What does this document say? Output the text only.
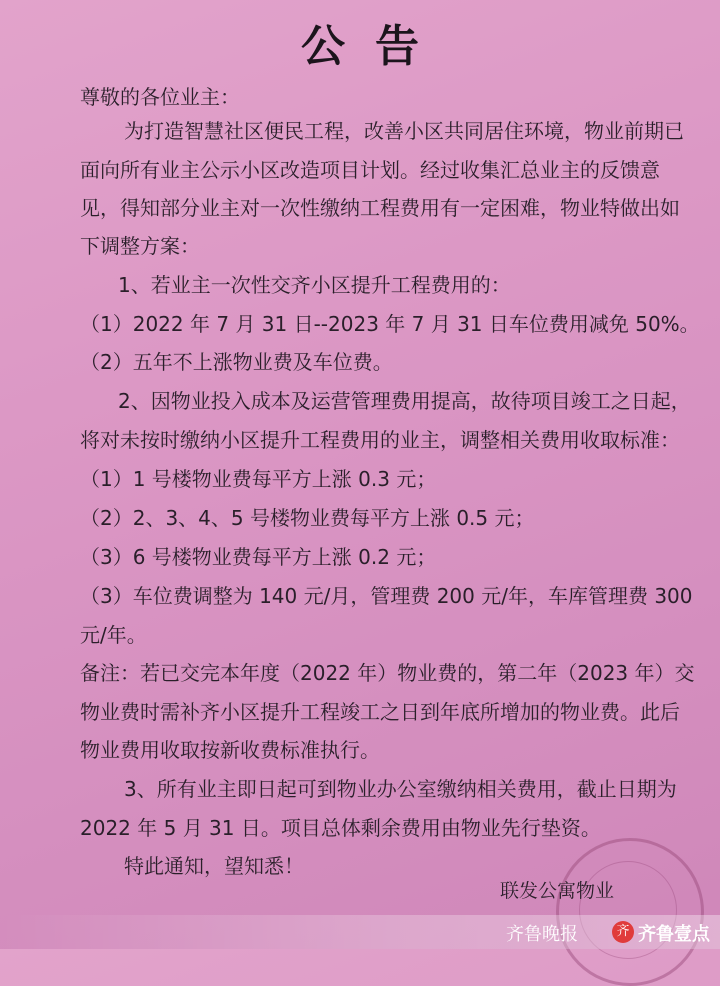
公告
尊敬的各位业主：
为打造智慧社区便民工程，改善小区共同居住环境，物业前期已
面向所有业主公示小区改造项目计划。经过收集汇总业主的反馈意
见，得知部分业主对一次性缴纳工程费用有一定困难，物业特做出如
下调整方案：
1、若业主一次性交齐小区提升工程费用的：
（1）2022 年 7 月 31 日--2023 年 7 月 31 日车位费用减免 50%。
（2）五年不上涨物业费及车位费。
2、因物业投入成本及运营管理费用提高，故待项目竣工之日起，
将对未按时缴纳小区提升工程费用的业主，调整相关费用收取标准：
（1）1 号楼物业费每平方上涨 0.3 元；
（2）2、3、4、5 号楼物业费每平方上涨 0.5 元；
（3）6 号楼物业费每平方上涨 0.2 元；
（3）车位费调整为 140 元/月，管理费 200 元/年，车库管理费 300
元/年。
备注：若已交完本年度（2022 年）物业费的，第二年（2023 年）交
物业费时需补齐小区提升工程竣工之日到年底所增加的物业费。此后
物业费用收取按新收费标准执行。
3、所有业主即日起可到物业办公室缴纳相关费用，截止日期为
2022 年 5 月 31 日。项目总体剩余费用由物业先行垫资。
特此通知，望知悉！
联发公寓物业
齐鲁晚报	齐 齐鲁壹点
